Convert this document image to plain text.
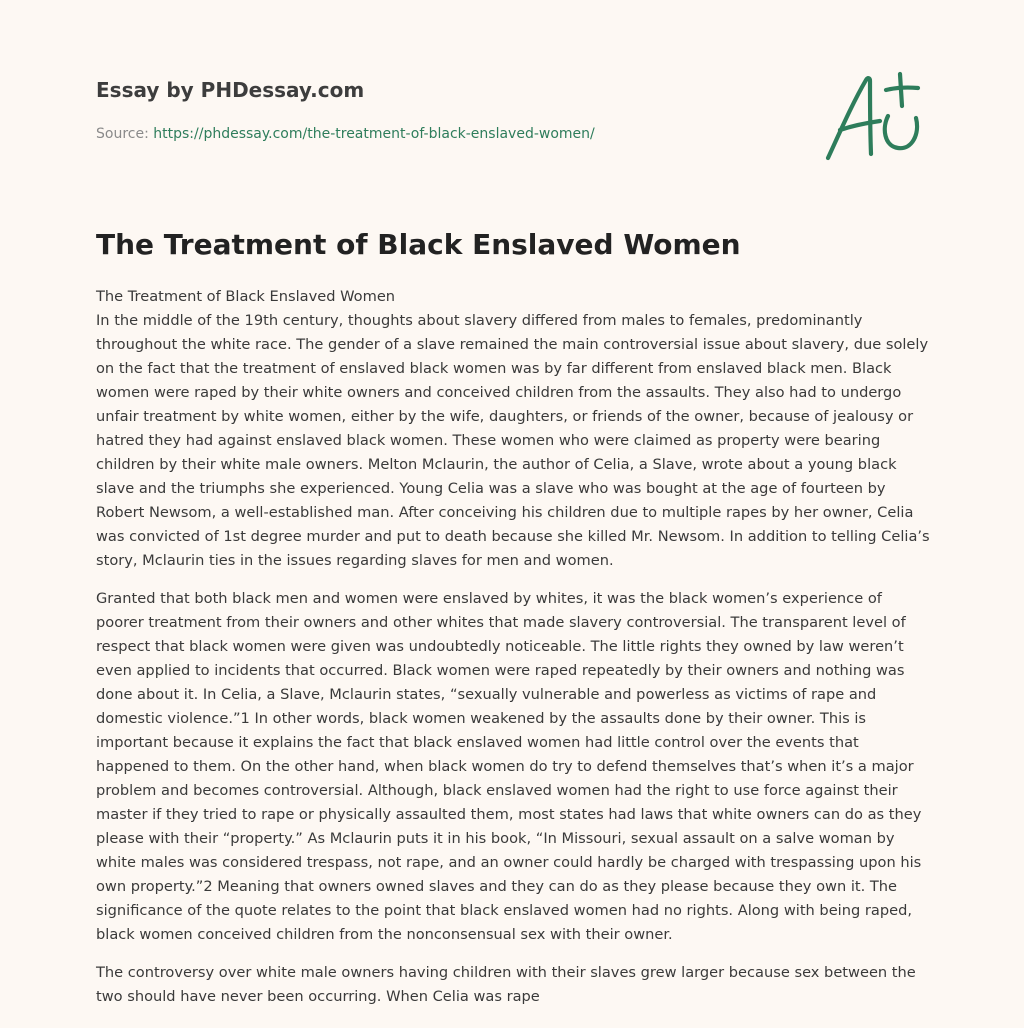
Essay by PHDessay.com
Source: https://phdessay.com/the-treatment-of-black-enslaved-women/
The Treatment of Black Enslaved Women
The Treatment of Black Enslaved Women

In the middle of the 19th century, thoughts about slavery differed from males to females, predominantly throughout the white race. The gender of a slave remained the main controversial issue about slavery, due solely on the fact that the treatment of enslaved black women was by far different from enslaved black men. Black women were raped by their white owners and conceived children from the assaults. They also had to undergo unfair treatment by white women, either by the wife, daughters, or friends of the owner, because of jealousy or hatred they had against enslaved black women. These women who were claimed as property were bearing children by their white male owners. Melton Mclaurin, the author of Celia, a Slave, wrote about a young black slave and the triumphs she experienced. Young Celia was a slave who was bought at the age of fourteen by Robert Newsom, a well-established man. After conceiving his children due to multiple rapes by her owner, Celia was convicted of 1st degree murder and put to death because she killed Mr. Newsom. In addition to telling Celia’s story, Mclaurin ties in the issues regarding slaves for men and women.

Granted that both black men and women were enslaved by whites, it was the black women’s experience of poorer treatment from their owners and other whites that made slavery controversial. The transparent level of respect that black women were given was undoubtedly noticeable. The little rights they owned by law weren’t even applied to incidents that occurred. Black women were raped repeatedly by their owners and nothing was done about it. In Celia, a Slave, Mclaurin states, “sexually vulnerable and powerless as victims of rape and domestic violence.”1 In other words, black women weakened by the assaults done by their owner. This is important because it explains the fact that black enslaved women had little control over the events that happened to them. On the other hand, when black women do try to defend themselves that’s when it’s a major problem and becomes controversial. Although, black enslaved women had the right to use force against their master if they tried to rape or physically assaulted them, most states had laws that white owners can do as they please with their “property.” As Mclaurin puts it in his book, “In Missouri, sexual assault on a salve woman by white males was considered trespass, not rape, and an owner could hardly be charged with trespassing upon his own property.”2 Meaning that owners owned slaves and they can do as they please because they own it. The significance of the quote relates to the point that black enslaved women had no rights. Along with being raped, black women conceived children from the nonconsensual sex with their owner.

The controversy over white male owners having children with their slaves grew larger because sex between the two should have never been occurring. When Celia was rape
